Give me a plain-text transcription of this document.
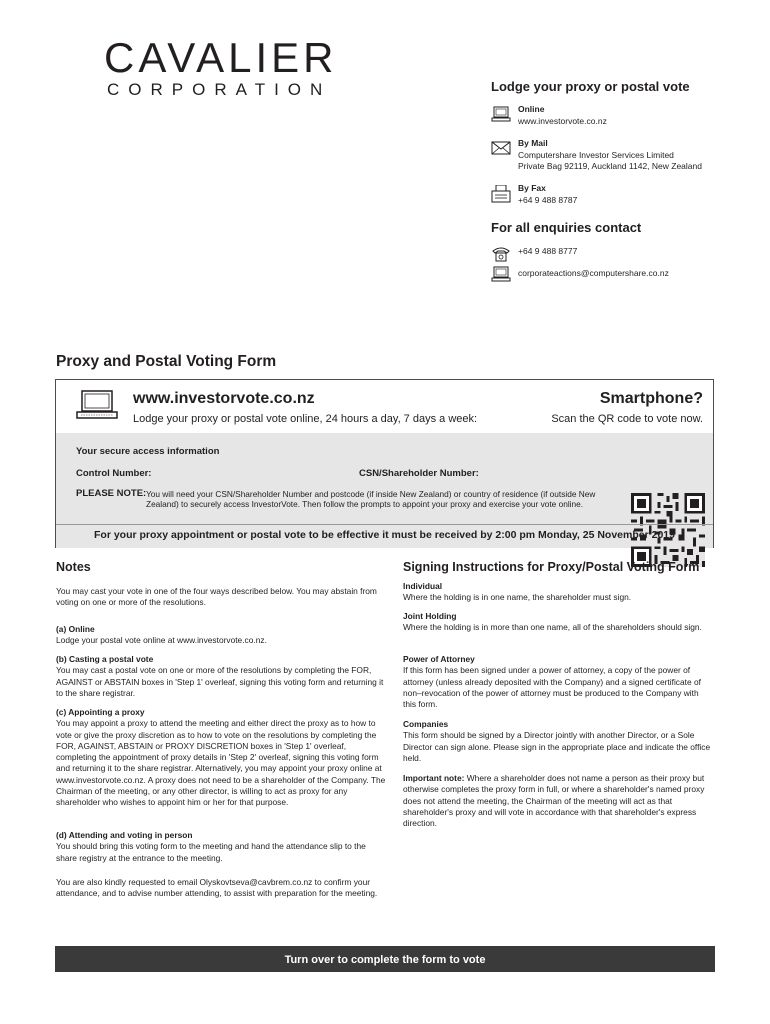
CAVALIER
CORPORATION	Lodge your proxy or postal vote
Online
www.investorvote.co.nz
By Mail
Computershare Investor Services Limited
Private Bag 92119, Auckland 1142, New Zealand
By Fax
+64 9 488 8787
For all enquiries contact
+64 9 488 8777
corporateactions@computershare.co.nz
Proxy and Postal Voting Form
www.investorvote.co.nz
Lodge your proxy or postal vote online, 24 hours a day, 7 days a week:
Smartphone?
Scan the QR code to vote now.
Your secure access information
Control Number:	CSN/Shareholder Number:
PLEASE NOTE: You will need your CSN/Shareholder Number and postcode (if inside New Zealand) or country of residence (if outside New Zealand) to securely access InvestorVote. Then follow the prompts to appoint your proxy and exercise your vote online.
For your proxy appointment or postal vote to be effective it must be received by 2:00 pm Monday, 25 November 2019
Notes
You may cast your vote in one of the four ways described below. You may abstain from voting on one or more of the resolutions.
(a) Online
Lodge your postal vote online at www.investorvote.co.nz.
(b) Casting a postal vote
You may cast a postal vote on one or more of the resolutions by completing the FOR, AGAINST or ABSTAIN boxes in 'Step 1' overleaf, signing this voting form and returning it to the share registrar.
(c) Appointing a proxy
You may appoint a proxy to attend the meeting and either direct the proxy as to how to vote or give the proxy discretion as to how to vote on the resolutions by completing the FOR, AGAINST, ABSTAIN or PROXY DISCRETION boxes in 'Step 1' overleaf, completing the appointment of proxy details in 'Step 2' overleaf, signing this voting form and returning it to the share registrar. Alternatively, you may appoint your proxy online at www.investorvote.co.nz. A proxy does not need to be a shareholder of the Company. The Chairman of the meeting, or any other director, is willing to act as proxy for any shareholder who wishes to appoint him or her for that purpose.
(d) Attending and voting in person
You should bring this voting form to the meeting and hand the attendance slip to the share registry at the entrance to the meeting.
You are also kindly requested to email Olyskovtseva@cavbrem.co.nz to confirm your attendance, and to advise number attending, to assist with preparation for the meeting.
Signing Instructions for Proxy/Postal Voting Form
Individual
Where the holding is in one name, the shareholder must sign.
Joint Holding
Where the holding is in more than one name, all of the shareholders should sign.
Power of Attorney
If this form has been signed under a power of attorney, a copy of the power of attorney (unless already deposited with the Company) and a signed certificate of non–revocation of the power of attorney must be produced to the Company with this form.
Companies
This form should be signed by a Director jointly with another Director, or a Sole Director can sign alone. Please sign in the appropriate place and indicate the office held.
Important note: Where a shareholder does not name a person as their proxy but otherwise completes the proxy form in full, or where a shareholder's named proxy does not attend the meeting, the Chairman of the meeting will act as that shareholder's proxy and will vote in accordance with that shareholder's express direction.
Turn over to complete the form to vote
